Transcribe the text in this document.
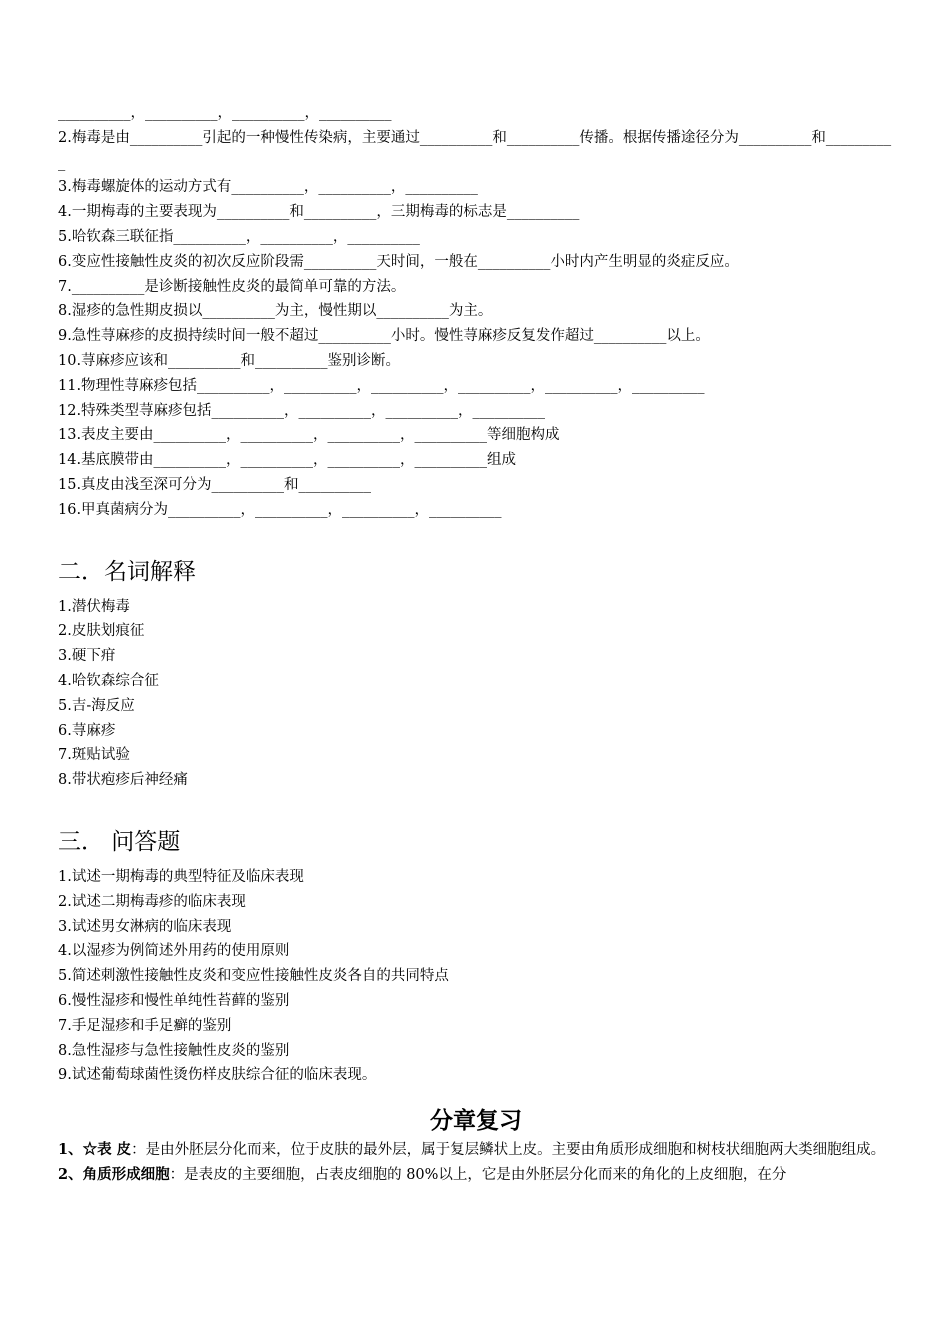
__________，__________，__________，__________
2.梅毒是由__________引起的一种慢性传染病，主要通过__________和__________传播。根据传播途径分为__________和__________
3.梅毒螺旋体的运动方式有__________，__________，__________
4.一期梅毒的主要表现为__________和__________，三期梅毒的标志是__________
5.哈钦森三联征指__________，__________，__________
6.变应性接触性皮炎的初次反应阶段需__________天时间，一般在__________小时内产生明显的炎症反应。
7.__________是诊断接触性皮炎的最简单可靠的方法。
8.湿疹的急性期皮损以__________为主，慢性期以__________为主。
9.急性荨麻疹的皮损持续时间一般不超过__________小时。慢性荨麻疹反复发作超过__________以上。
10.荨麻疹应该和__________和__________鉴别诊断。
11.物理性荨麻疹包括__________，__________，__________，__________，__________，__________
12.特殊类型荨麻疹包括__________，__________，__________，__________
13.表皮主要由__________，__________，__________，__________等细胞构成
14.基底膜带由__________，__________，__________，__________组成
15.真皮由浅至深可分为__________和__________
16.甲真菌病分为__________，__________，__________，__________
二．名词解释
1.潜伏梅毒
2.皮肤划痕征
3.硬下疳
4.哈钦森综合征
5.吉-海反应
6.荨麻疹
7.斑贴试验
8.带状疱疹后神经痛
三． 问答题
1.试述一期梅毒的典型特征及临床表现
2.试述二期梅毒疹的临床表现
3.试述男女淋病的临床表现
4.以湿疹为例简述外用药的使用原则
5.简述刺激性接触性皮炎和变应性接触性皮炎各自的共同特点
6.慢性湿疹和慢性单纯性苔藓的鉴别
7.手足湿疹和手足癣的鉴别
8.急性湿疹与急性接触性皮炎的鉴别
9.试述葡萄球菌性烫伤样皮肤综合征的临床表现。
分章复习
1、☆表 皮：是由外胚层分化而来，位于皮肤的最外层，属于复层鳞状上皮。主要由角质形成细胞和树枝状细胞两大类细胞组成。
2、角质形成细胞：是表皮的主要细胞，占表皮细胞的 80%以上，它是由外胚层分化而来的角化的上皮细胞，在分
